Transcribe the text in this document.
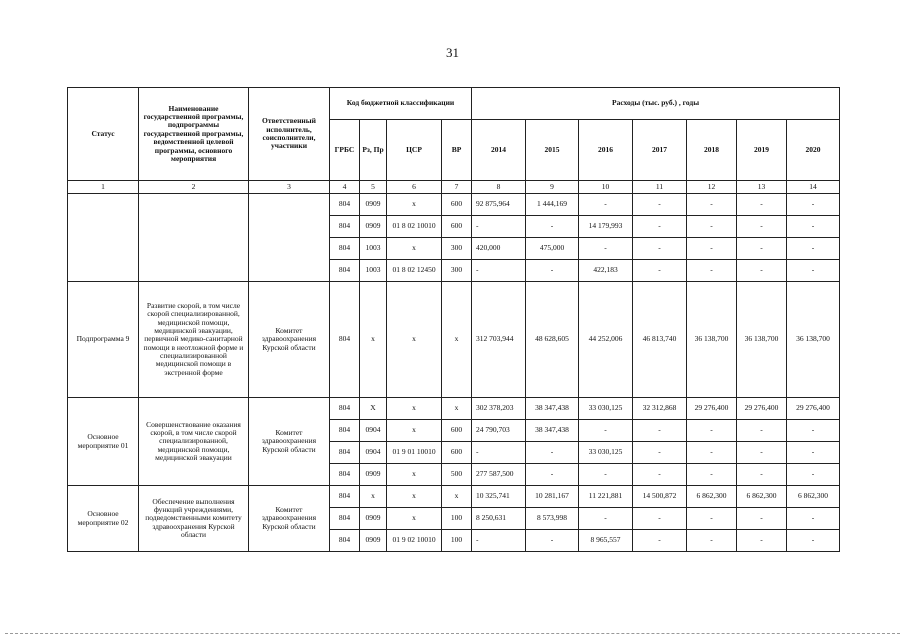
31
Статус	Наименование государственной программы, подпрограммы государственной программы, ведомственной целевой программы, основного мероприятия	Ответственный исполнитель, соисполнители, участники	Код бюджетной классификации				Расходы (тыс. руб.) , годы						
			ГРБС	Рз, Пр	ЦСР	ВР	2014	2015	2016	2017	2018	2019	2020
1	2	3	4	5	6	7	8	9	10	11	12	13	14
			804	0909	x	600	92 875,964	1 444,169	-	-	-	-	-
			804	0909	01 8 02 10010	600	-	-	14 179,993	-	-	-	-
			804	1003	x	300	420,000	475,000	-	-	-	-	-
			804	1003	01 8 02 12450	300	-	-	422,183	-	-	-	-
Подпрограмма 9	Развитие скорой, в том числе скорой специализированной, медицинской помощи, медицинской эвакуации, первичной медико-санитарной помощи в неотложной форме и специализированной медицинской помощи в экстренной форме	Комитет здравоохранения Курской области	804	x	x	x	312 703,944	48 628,605	44 252,006	46 813,740	36 138,700	36 138,700	36 138,700
Основное мероприятие 01	Совершенствование оказания скорой, в том числе скорой специализированной, медицинской помощи, медицинской эвакуации	Комитет здравоохранения Курской области	804	X	x	x	302 378,203	38 347,438	33 030,125	32 312,868	29 276,400	29 276,400	29 276,400
			804	0904	x	600	24 790,703	38 347,438	-	-	-	-	-
			804	0904	01 9 01 10010	600	-	-	33 030,125	-	-	-	-
			804	0909	x	500	277 587,500	-	-	-	-	-	-
Основное мероприятие 02	Обеспечение выполнения функций учреждениями, подведомственными комитету здравоохранения Курской области	Комитет здравоохранения Курской области	804	x	x	x	10 325,741	10 281,167	11 221,881	14 500,872	6 862,300	6 862,300	6 862,300
			804	0909	x	100	8 250,631	8 573,998	-	-	-	-	-
			804	0909	01 9 02 10010	100	-	-	8 965,557	-	-	-	-
